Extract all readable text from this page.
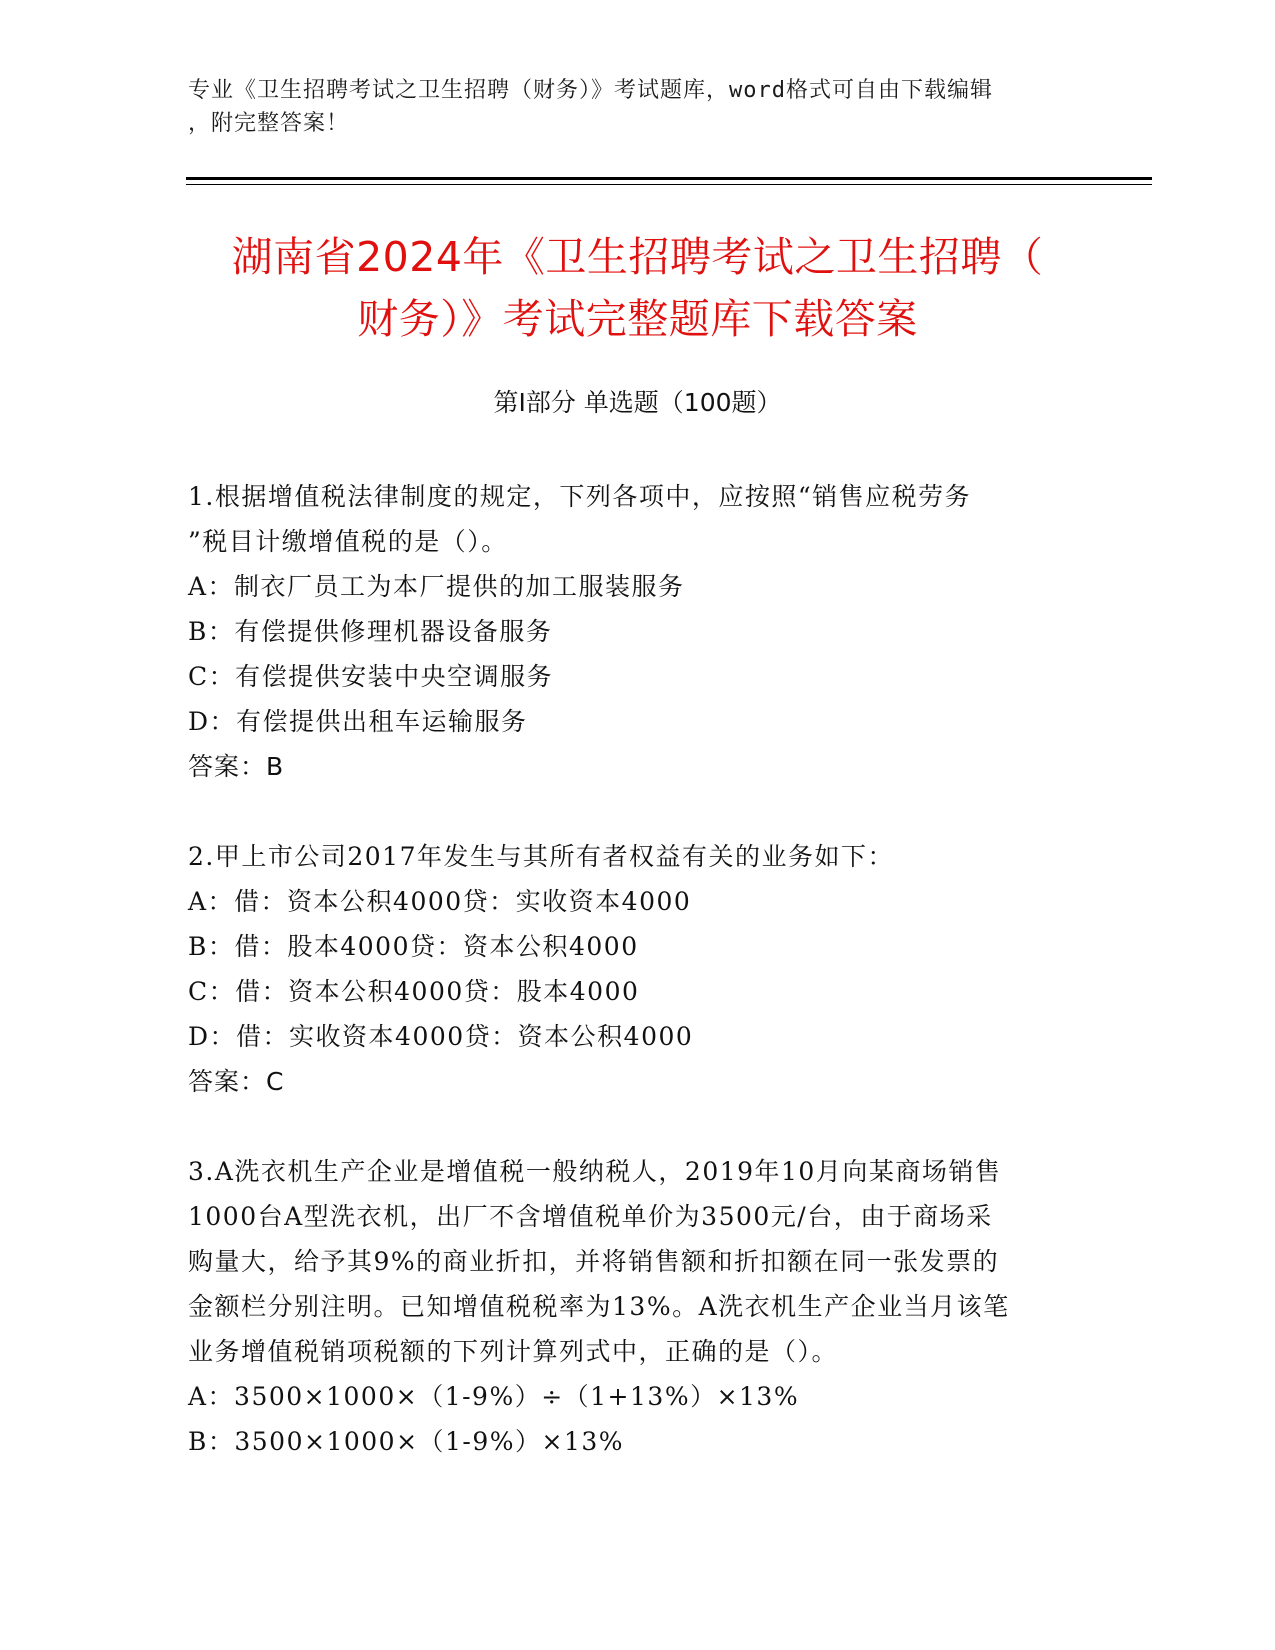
专业《卫生招聘考试之卫生招聘（财务）》考试题库，word格式可自由下载编辑
，附完整答案！
湖南省2024年《卫生招聘考试之卫生招聘（
财务）》考试完整题库下载答案
第Ⅰ部分 单选题（100题）
1.根据增值税法律制度的规定，下列各项中，应按照“销售应税劳务
”税目计缴增值税的是（）。
A：制衣厂员工为本厂提供的加工服装服务
B：有偿提供修理机器设备服务
C：有偿提供安装中央空调服务
D：有偿提供出租车运输服务
答案：B
2.甲上市公司2017年发生与其所有者权益有关的业务如下：
A：借：资本公积4000贷：实收资本4000
B：借：股本4000贷：资本公积4000
C：借：资本公积4000贷：股本4000
D：借：实收资本4000贷：资本公积4000
答案：C
3.A洗衣机生产企业是增值税一般纳税人，2019年10月向某商场销售
1000台A型洗衣机，出厂不含增值税单价为3500元/台，由于商场采
购量大，给予其9%的商业折扣，并将销售额和折扣额在同一张发票的
金额栏分别注明。已知增值税税率为13%。A洗衣机生产企业当月该笔
业务增值税销项税额的下列计算列式中，正确的是（）。
A：3500×1000×（1-9%）÷（1+13%）×13%
B：3500×1000×（1-9%）×13%
